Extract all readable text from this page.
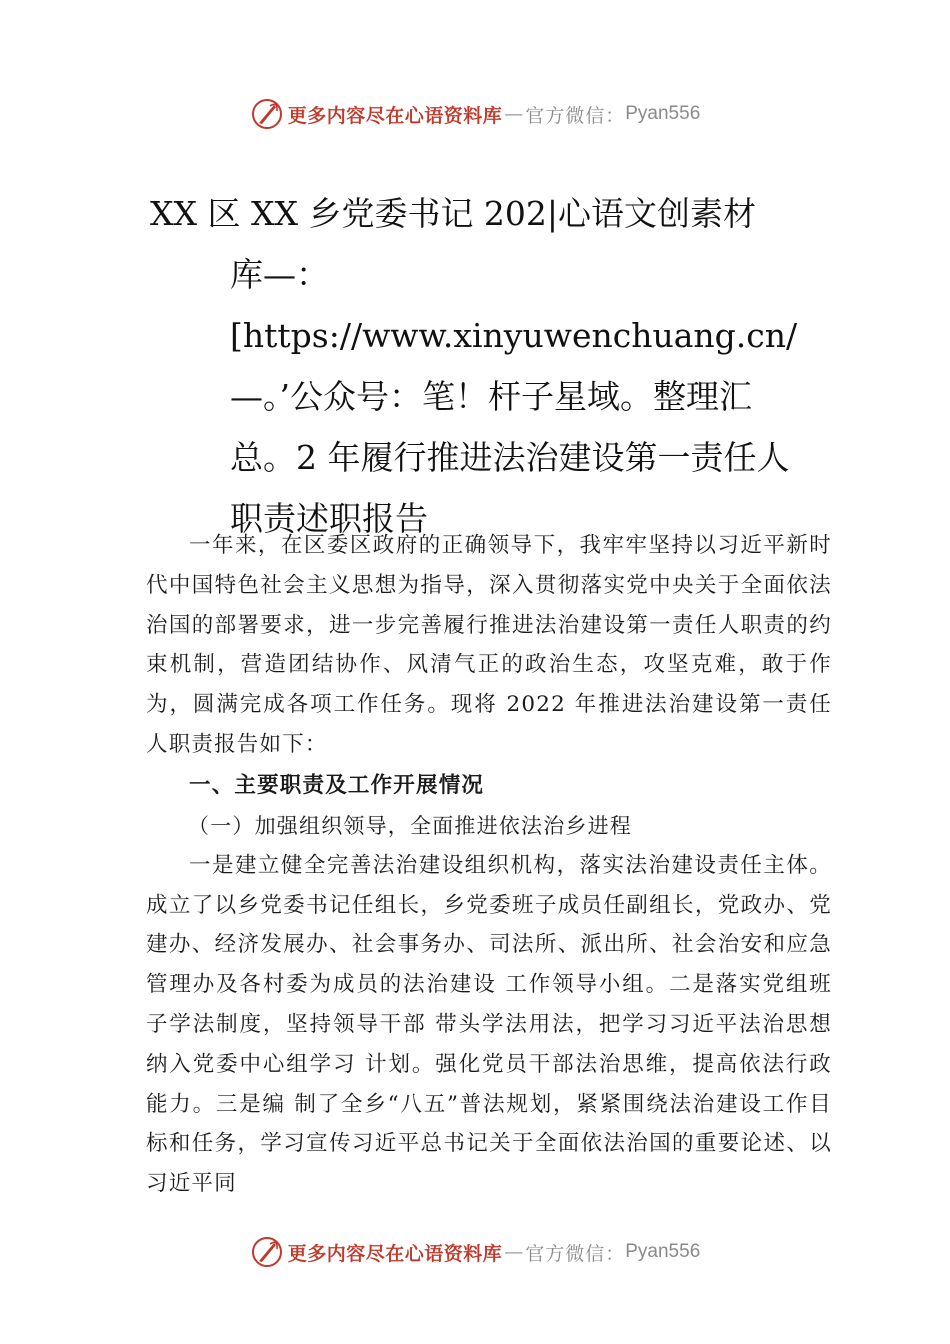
更多内容尽在心语资料库 — 官方微信： Pyan556
XX 区 XX 乡党委书记 202|心语文创素材
库—：[https://www.xinyuwenchuang.cn/—。’公众号：笔！杆子星域。整理汇总。2 年履行推进法治建设第一责任人职责述职报告

一年来，在区委区政府的正确领导下，我牢牢坚持以习近平新时代中国特色社会主义思想为指导，深入贯彻落实党中央关于全面依法治国的部署要求，进一步完善履行推进法治建设第一责任人职责的约束机制，营造团结协作、风清气正的政治生态，攻坚克难，敢于作为，圆满完成各项工作任务。现将 2022 年推进法治建设第一责任人职责报告如下：

一、主要职责及工作开展情况
（一）加强组织领导，全面推进依法治乡进程

一是建立健全完善法治建设组织机构，落实法治建设责任主体。成立了以乡党委书记任组长，乡党委班子成员任副组长，党政办、党建办、经济发展办、社会事务办、司法所、派出所、社会治安和应急管理办及各村委为成员的法治建设 工作领导小组。二是落实党组班子学法制度，坚持领导干部 带头学法用法，把学习习近平法治思想纳入党委中心组学习 计划。强化党员干部法治思维，提高依法行政能力。三是编 制了全乡“八五”普法规划，紧紧围绕法治建设工作目标和任务，学习宣传习近平总书记关于全面依法治国的重要论述、以习近平同

更多内容尽在心语资料库 — 官方微信： Pyan556
